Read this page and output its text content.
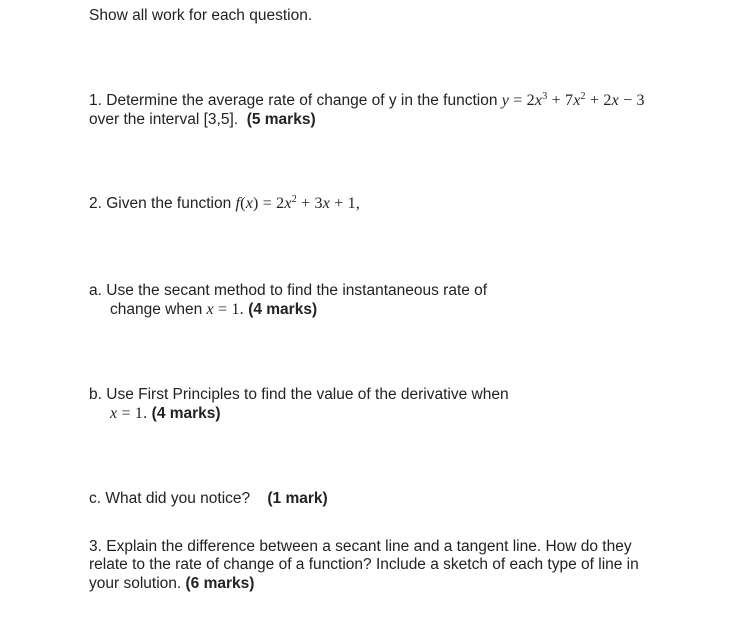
Show all work for each question.
1. Determine the average rate of change of y in the function $y = 2x^3 + 7x^2 + 2x - 3$
over the interval [3,5]. (5 marks)
2. Given the function $f(x) = 2x^2 + 3x + 1$,
a. Use the secant method to find the instantaneous rate of
change when x = 1. (4 marks)
b. Use First Principles to find the value of the derivative when
x = 1. (4 marks)
c. What did you notice? (1 mark)
3. Explain the difference between a secant line and a tangent line. How do they
relate to the rate of change of a function? Include a sketch of each type of line in
your solution. (6 marks)
